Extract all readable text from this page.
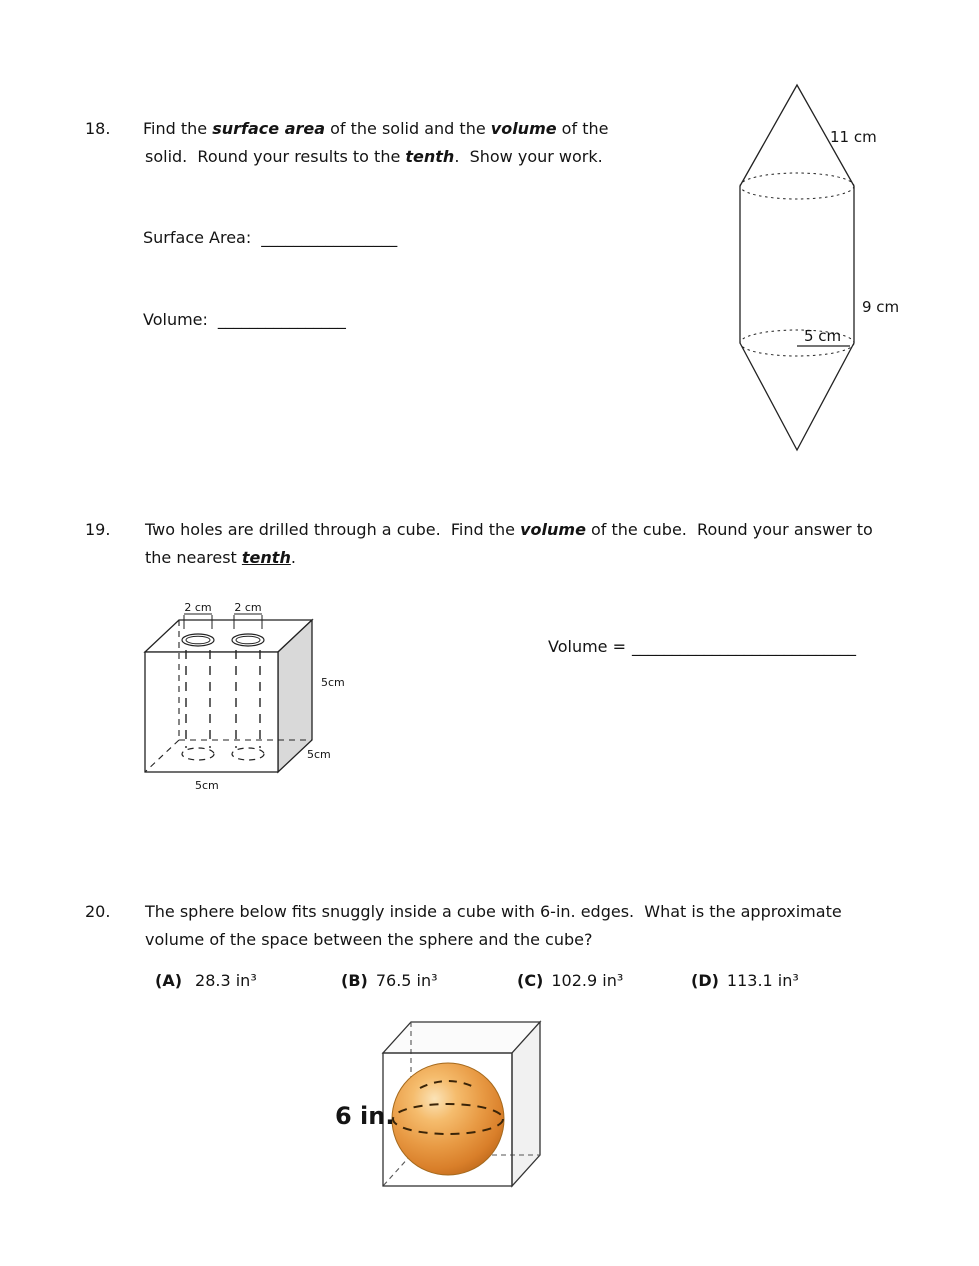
18. Find the surface area of the solid and the volume of the
solid.  Round your results to the tenth.  Show your work.
Surface Area: _________________
Volume: ________________
11 cm
9 cm
5 cm
19. Two holes are drilled through a cube.  Find the volume of the cube.  Round your answer to
the nearest tenth.
Volume = ____________________________
2 cm 2 cm
5cm
5cm
5cm
20. The sphere below fits snuggly inside a cube with 6-in. edges.  What is the approximate
volume of the space between the sphere and the cube?
(A) 28.3 in³	(B) 76.5 in³	(C) 102.9 in³	(D) 113.1 in³
6 in.
